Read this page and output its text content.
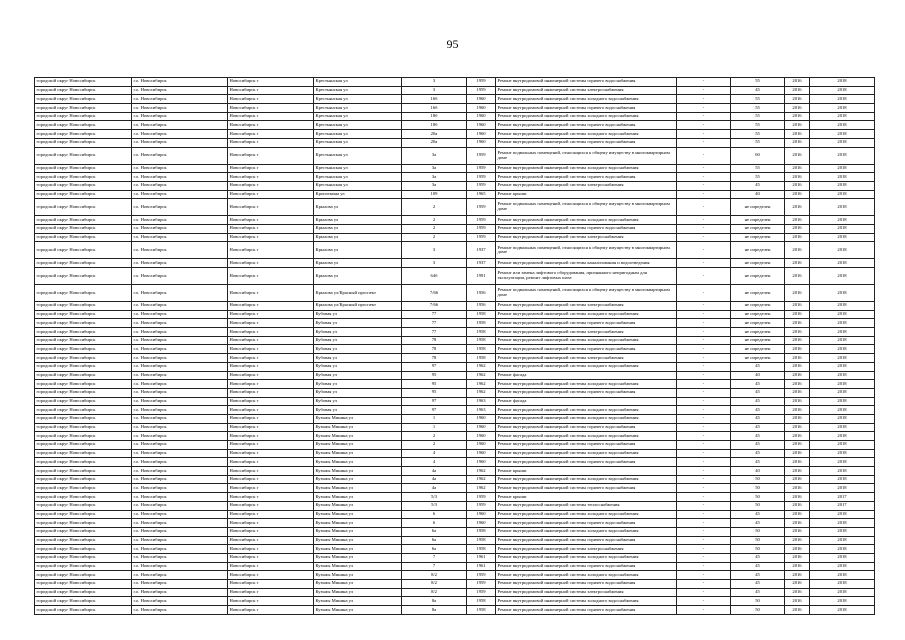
95
городской округ Новосибирск	г.о. Новосибирск	Новосибирск г	Крестьянская ул	3	1959	Ремонт внутридомовой инженерной системы горячего водоснабжения	-	55	2016	2018
городской округ Новосибирск	г.о. Новосибирск	Новосибирск г	Крестьянская ул	3	1959	Ремонт внутридомовой инженерной системы электроснабжения	-	45	2016	2018
городской округ Новосибирск	г.о. Новосибирск	Новосибирск г	Крестьянская ул	16б	1960	Ремонт внутридомовой инженерной системы холодного водоснабжения	-	55	2016	2018
городской округ Новосибирск	г.о. Новосибирск	Новосибирск г	Крестьянская ул	16б	1960	Ремонт внутридомовой инженерной системы горячего водоснабжения	-	55	2016	2018
городской округ Новосибирск	г.о. Новосибирск	Новосибирск г	Крестьянская ул	18б	1960	Ремонт внутридомовой инженерной системы холодного водоснабжения	-	55	2016	2018
городской округ Новосибирск	г.о. Новосибирск	Новосибирск г	Крестьянская ул	18б	1960	Ремонт внутридомовой инженерной системы горячего водоснабжения	-	55	2016	2018
городской округ Новосибирск	г.о. Новосибирск	Новосибирск г	Крестьянская ул	20а	1960	Ремонт внутридомовой инженерной системы холодного водоснабжения	-	55	2016	2018
городской округ Новосибирск	г.о. Новосибирск	Новосибирск г	Крестьянская ул	20а	1960	Ремонт внутридомовой инженерной системы горячего водоснабжения	-	55	2016	2018
городской округ Новосибирск	г.о. Новосибирск	Новосибирск г	Крестьянская ул	3а	1959	Ремонт подвальных помещений, относящихся к общему имуществу в многоквартирном доме	-	60	2016	2018
городской округ Новосибирск	г.о. Новосибирск	Новосибирск г	Крестьянская ул	3а	1959	Ремонт внутридомовой инженерной системы холодного водоснабжения	-	55	2016	2018
городской округ Новосибирск	г.о. Новосибирск	Новосибирск г	Крестьянская ул	3а	1959	Ремонт внутридомовой инженерной системы горячего водоснабжения	-	55	2016	2018
городской округ Новосибирск	г.о. Новосибирск	Новосибирск г	Крестьянская ул	3а	1959	Ремонт внутридомовой инженерной системы электроснабжения	-	45	2016	2018
городской округ Новосибирск	г.о. Новосибирск	Новосибирск г	Кропоткина ул	109	1965	Ремонт крыши	-	40	2016	2018
городской округ Новосибирск	г.о. Новосибирск	Новосибирск г	Крылова ул	2	1959	Ремонт подвальных помещений, относящихся к общему имуществу в многоквартирном доме	-	не определен	2016	2018
городской округ Новосибирск	г.о. Новосибирск	Новосибирск г	Крылова ул	2	1959	Ремонт внутридомовой инженерной системы холодного водоснабжения	-	не определен	2016	2018
городской округ Новосибирск	г.о. Новосибирск	Новосибирск г	Крылова ул	2	1959	Ремонт внутридомовой инженерной системы горячего водоснабжения	-	не определен	2016	2018
городской округ Новосибирск	г.о. Новосибирск	Новосибирск г	Крылова ул	2	1959	Ремонт внутридомовой инженерной системы электроснабжения	-	не определен	2016	2018
городской округ Новосибирск	г.о. Новосибирск	Новосибирск г	Крылова ул	3	1937	Ремонт подвальных помещений, относящихся к общему имуществу в многоквартирном доме	-	не определен	2016	2018
городской округ Новосибирск	г.о. Новосибирск	Новосибирск г	Крылова ул	3	1937	Ремонт внутридомовой инженерной системы канализования и водоотведения	-	не определен	2016	2018
городской округ Новосибирск	г.о. Новосибирск	Новосибирск г	Крылова ул	64б	1991	Ремонт или замена лифтового оборудования, признанного непригодным для эксплуатации, ремонт лифтовых шахт	-	не определен	2016	2018
городской округ Новосибирск	г.о. Новосибирск	Новосибирск г	Крылова ул/Красный проспект	7/66	1956	Ремонт подвальных помещений, относящихся к общему имуществу в многоквартирном доме	-	не определен	2016	2018
городской округ Новосибирск	г.о. Новосибирск	Новосибирск г	Крылова ул/Красный проспект	7/66	1956	Ремонт внутридомовой инженерной системы электроснабжения	-	не определен	2016	2018
городской округ Новосибирск	г.о. Новосибирск	Новосибирск г	Кубовая ул	77	1958	Ремонт внутридомовой инженерной системы холодного водоснабжения	-	не определен	2016	2018
городской округ Новосибирск	г.о. Новосибирск	Новосибирск г	Кубовая ул	77	1958	Ремонт внутридомовой инженерной системы горячего водоснабжения	-	не определен	2016	2018
городской округ Новосибирск	г.о. Новосибирск	Новосибирск г	Кубовая ул	77	1958	Ремонт внутридомовой инженерной системы электроснабжения	-	не определен	2016	2018
городской округ Новосибирск	г.о. Новосибирск	Новосибирск г	Кубовая ул	78	1958	Ремонт внутридомовой инженерной системы холодного водоснабжения	-	не определен	2016	2018
городской округ Новосибирск	г.о. Новосибирск	Новосибирск г	Кубовая ул	78	1958	Ремонт внутридомовой инженерной системы горячего водоснабжения	-	не определен	2016	2018
городской округ Новосибирск	г.о. Новосибирск	Новосибирск г	Кубовая ул	78	1958	Ремонт внутридомовой инженерной системы электроснабжения	-	не определен	2016	2018
городской округ Новосибирск	г.о. Новосибирск	Новосибирск г	Кубовая ул	97	1962	Ремонт внутридомовой инженерной системы холодного водоснабжения	-	45	2016	2018
городской округ Новосибирск	г.о. Новосибирск	Новосибирск г	Кубовая ул	95	1962	Ремонт фасада	-	40	2016	2018
городской округ Новосибирск	г.о. Новосибирск	Новосибирск г	Кубовая ул	95	1962	Ремонт внутридомовой инженерной системы холодного водоснабжения	-	45	2016	2018
городской округ Новосибирск	г.о. Новосибирск	Новосибирск г	Кубовая ул	95	1962	Ремонт внутридомовой инженерной системы горячего водоснабжения	-	45	2016	2018
городской округ Новосибирск	г.о. Новосибирск	Новосибирск г	Кубовая ул	97	1963	Ремонт фасада	-	45	2016	2018
городской округ Новосибирск	г.о. Новосибирск	Новосибирск г	Кубовая ул	97	1963	Ремонт внутридомовой инженерной системы холодного водоснабжения	-	45	2016	2018
городской округ Новосибирск	г.о. Новосибирск	Новосибирск г	Кузьмы Минина ул	1	1960	Ремонт внутридомовой инженерной системы холодного водоснабжения	-	45	2016	2018
городской округ Новосибирск	г.о. Новосибирск	Новосибирск г	Кузьмы Минина ул	1	1960	Ремонт внутридомовой инженерной системы горячего водоснабжения	-	45	2016	2018
городской округ Новосибирск	г.о. Новосибирск	Новосибирск г	Кузьмы Минина ул	2	1960	Ремонт внутридомовой инженерной системы холодного водоснабжения	-	45	2016	2018
городской округ Новосибирск	г.о. Новосибирск	Новосибирск г	Кузьмы Минина ул	2	1960	Ремонт внутридомовой инженерной системы горячего водоснабжения	-	45	2016	2018
городской округ Новосибирск	г.о. Новосибирск	Новосибирск г	Кузьмы Минина ул	4	1960	Ремонт внутридомовой инженерной системы холодного водоснабжения	-	45	2016	2018
городской округ Новосибирск	г.о. Новосибирск	Новосибирск г	Кузьмы Минина ул	4	1960	Ремонт внутридомовой инженерной системы горячего водоснабжения	-	45	2016	2018
городской округ Новосибирск	г.о. Новосибирск	Новосибирск г	Кузьмы Минина ул	4а	1962	Ремонт крыши	-	40	2016	2018
городской округ Новосибирск	г.о. Новосибирск	Новосибирск г	Кузьмы Минина ул	4а	1962	Ремонт внутридомовой инженерной системы холодного водоснабжения	-	50	2016	2018
городской округ Новосибирск	г.о. Новосибирск	Новосибирск г	Кузьмы Минина ул	4а	1962	Ремонт внутридомовой инженерной системы горячего водоснабжения	-	50	2016	2018
городской округ Новосибирск	г.о. Новосибирск	Новосибирск г	Кузьмы Минина ул	5/3	1959	Ремонт крыши	-	50	2016	2017
городской округ Новосибирск	г.о. Новосибирск	Новосибирск г	Кузьмы Минина ул	5/3	1959	Ремонт внутридомовой инженерной системы теплоснабжения	-	50	2016	2017
городской округ Новосибирск	г.о. Новосибирск	Новосибирск г	Кузьмы Минина ул	6	1960	Ремонт внутридомовой инженерной системы холодного водоснабжения	-	45	2016	2018
городской округ Новосибирск	г.о. Новосибирск	Новосибирск г	Кузьмы Минина ул	6	1960	Ремонт внутридомовой инженерной системы горячего водоснабжения	-	45	2016	2018
городской округ Новосибирск	г.о. Новосибирск	Новосибирск г	Кузьмы Минина ул	6а	1958	Ремонт внутридомовой инженерной системы холодного водоснабжения	-	50	2016	2018
городской округ Новосибирск	г.о. Новосибирск	Новосибирск г	Кузьмы Минина ул	6а	1958	Ремонт внутридомовой инженерной системы горячего водоснабжения	-	50	2016	2018
городской округ Новосибирск	г.о. Новосибирск	Новосибирск г	Кузьмы Минина ул	6а	1958	Ремонт внутридомовой инженерной системы электроснабжения	-	50	2016	2018
городской округ Новосибирск	г.о. Новосибирск	Новосибирск г	Кузьмы Минина ул	7	1961	Ремонт внутридомовой инженерной системы холодного водоснабжения	-	45	2016	2018
городской округ Новосибирск	г.о. Новосибирск	Новосибирск г	Кузьмы Минина ул	7	1961	Ремонт внутридомовой инженерной системы горячего водоснабжения	-	45	2016	2018
городской округ Новосибирск	г.о. Новосибирск	Новосибирск г	Кузьмы Минина ул	8/2	1959	Ремонт внутридомовой инженерной системы холодного водоснабжения	-	45	2016	2018
городской округ Новосибирск	г.о. Новосибирск	Новосибирск г	Кузьмы Минина ул	8/2	1959	Ремонт внутридомовой инженерной системы горячего водоснабжения	-	45	2016	2018
городской округ Новосибирск	г.о. Новосибирск	Новосибирск г	Кузьмы Минина ул	8/2	1959	Ремонт внутридомовой инженерной системы электроснабжения	-	45	2016	2018
городской округ Новосибирск	г.о. Новосибирск	Новосибирск г	Кузьмы Минина ул	8а	1958	Ремонт внутридомовой инженерной системы холодного водоснабжения	-	50	2016	2018
городской округ Новосибирск	г.о. Новосибирск	Новосибирск г	Кузьмы Минина ул	8а	1958	Ремонт внутридомовой инженерной системы горячего водоснабжения	-	50	2016	2018
